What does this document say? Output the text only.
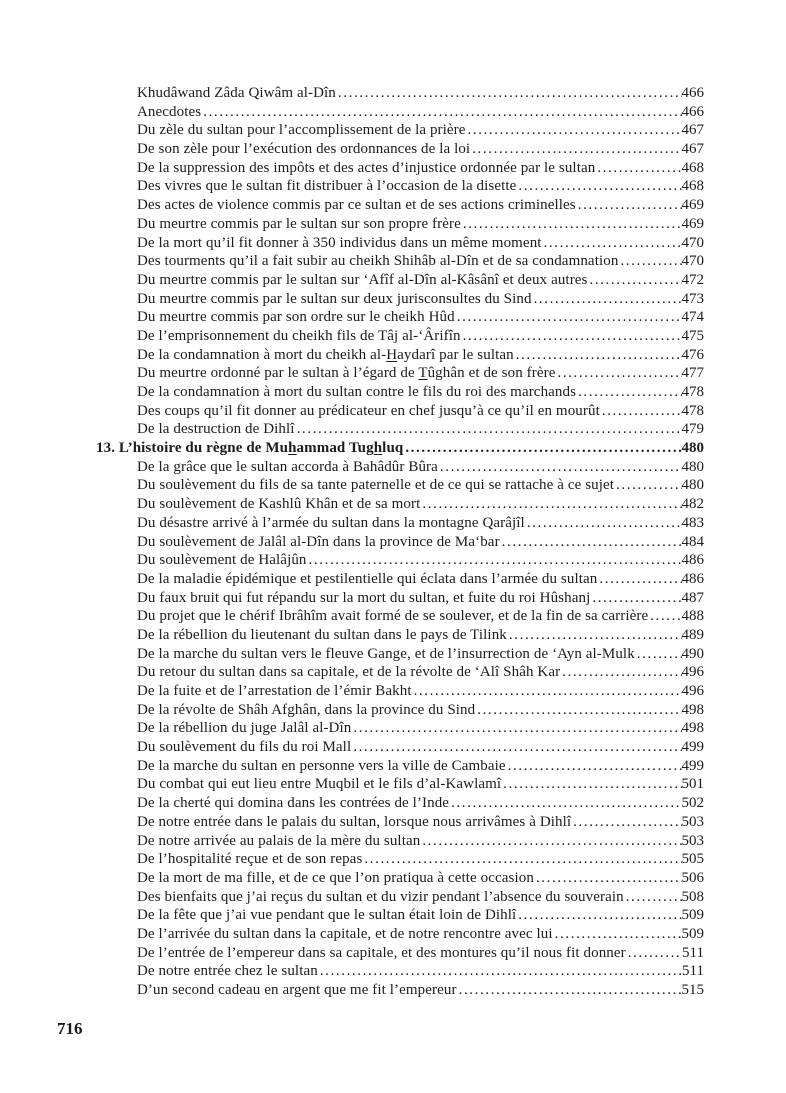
Khudâwand Zâda Qiwâm al-Dîn .....	466
Anecdotes .....	466
Du zèle du sultan pour l’accomplissement de la prière .....	467
De son zèle pour l’exécution des ordonnances de la loi .....	467
De la suppression des impôts et des actes d’injustice ordonnée par le sultan .....	468
Des vivres que le sultan fit distribuer à l’occasion de la disette .....	468
Des actes de violence commis par ce sultan et de ses actions criminelles .....	469
Du meurtre commis par le sultan sur son propre frère .....	469
De la mort qu’il fit donner à 350 individus dans un même moment .....	470
Des tourments qu’il a fait subir au cheikh Shihâb al-Dîn et de sa condamnation .....	470
Du meurtre commis par le sultan sur ‘Afîf al-Dîn al-Kâsânî et deux autres .....	472
Du meurtre commis par le sultan sur deux jurisconsultes du Sind .....	473
Du meurtre commis par son ordre sur le cheikh Hûd .....	474
De l’emprisonnement du cheikh fils de Tâj al-‘Ârifîn .....	475
De la condamnation à mort du cheikh al-Haydarî par le sultan .....	476
Du meurtre ordonné par le sultan à l’égard de Tûghân et de son frère .....	477
De la condamnation à mort du sultan contre le fils du roi des marchands .....	478
Des coups qu’il fit donner au prédicateur en chef jusqu’à ce qu’il en mourût .....	478
De la destruction de Dihlî .....	479
13. L’histoire du règne de Muhammad Tughluq .....	480
De la grâce que le sultan accorda à Bahâdûr Bûra .....	480
Du soulèvement du fils de sa tante paternelle et de ce qui se rattache à ce sujet .....	480
Du soulèvement de Kashlû Khân et de sa mort .....	482
Du désastre arrivé à l’armée du sultan dans la montagne Qarâjîl .....	483
Du soulèvement de Jalâl al-Dîn dans la province de Ma‘bar .....	484
Du soulèvement de Halâjûn .....	486
De la maladie épidémique et pestilentielle qui éclata dans l’armée du sultan .....	486
Du faux bruit qui fut répandu sur la mort du sultan, et fuite du roi Hûshanj .....	487
Du projet que le chérif Ibrâhîm avait formé de se soulever, et de la fin de sa carrière ..... 488
De la rébellion du lieutenant du sultan dans le pays de Tilink .....	489
De la marche du sultan vers le fleuve Gange, et de l’insurrection de ‘Ayn al-Mulk .....	490
Du retour du sultan dans sa capitale, et de la révolte de ‘Alî Shâh Kar .....	496
De la fuite et de l’arrestation de l’émir Bakht .....	496
De la révolte de Shâh Afghân, dans la province du Sind .....	498
De la rébellion du juge Jalâl al-Dîn .....	498
Du soulèvement du fils du roi Mall .....	499
De la marche du sultan en personne vers la ville de Cambaie .....	499
Du combat qui eut lieu entre Muqbil et le fils d’al-Kawlamî .....	501
De la cherté qui domina dans les contrées de l’Inde .....	502
De notre entrée dans le palais du sultan, lorsque nous arrivâmes à Dihlî .....	503
De notre arrivée au palais de la mère du sultan .....	503
De l’hospitalité reçue et de son repas .....	505
De la mort de ma fille, et de ce que l’on pratiqua à cette occasion .....	506
Des bienfaits que j’ai reçus du sultan et du vizir pendant l’absence du souverain .....	508
De la fête que j’ai vue pendant que le sultan était loin de Dihlî .....	509
De l’arrivée du sultan dans la capitale, et de notre rencontre avec lui .....	509
De l’entrée de l’empereur dans sa capitale, et des montures qu’il nous fit donner .....	511
De notre entrée chez le sultan .....	511
D’un second cadeau en argent que me fit l’empereur .....	515
716
